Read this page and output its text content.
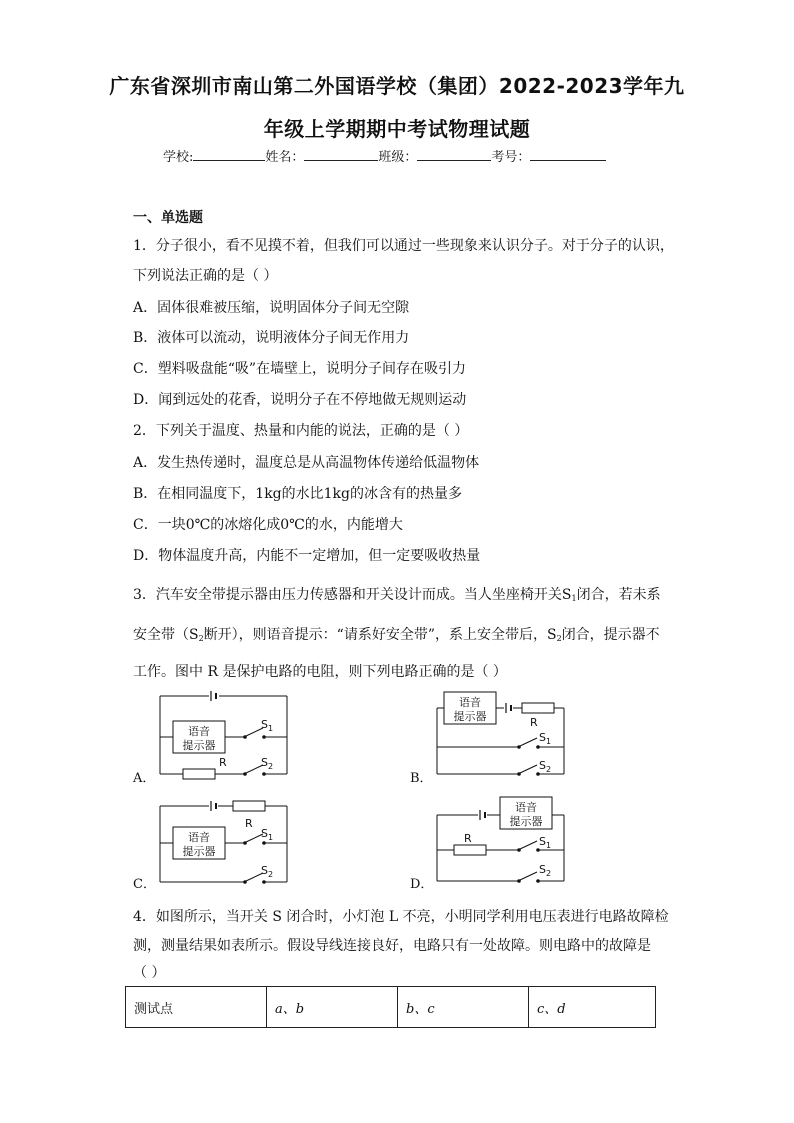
广东省深圳市南山第二外国语学校（集团）2022-2023学年九
年级上学期期中考试物理试题
学校:	姓名：	班级：	考号：
一、单选题
1．分子很小，看不见摸不着，但我们可以通过一些现象来认识分子。对于分子的认识，
下列说法正确的是（ ）
A．固体很难被压缩，说明固体分子间无空隙
B．液体可以流动，说明液体分子间无作用力
C．塑料吸盘能“吸”在墙壁上，说明分子间存在吸引力
D．闻到远处的花香，说明分子在不停地做无规则运动
2．下列关于温度、热量和内能的说法，正确的是（ ）
A．发生热传递时，温度总是从高温物体传递给低温物体
B．在相同温度下，1kg的水比1kg的冰含有的热量多
C．一块0℃的冰熔化成0℃的水，内能增大
D．物体温度升高，内能不一定增加，但一定要吸收热量
3．汽车安全带提示器由压力传感器和开关设计而成。当人坐座椅开关$S_1$闭合，若未系
安全带（$S_2$断开），则语音提示：“请系好安全带”，系上安全带后，$S_2$闭合，提示器不
工作。图中 R 是保护电路的电阻，则下列电路正确的是（ ）
A．
语音
提示器
S 1
R	S 2
B．
语音
提示器	R
S 1
S 2
C．
R
语音
提示器
S 1
S 2
D．
语音
提示器
R	S 1
S 2
4．如图所示，当开关 S 闭合时，小灯泡 L 不亮，小明同学利用电压表进行电路故障检
测，测量结果如表所示。假设导线连接良好，电路只有一处故障。则电路中的故障是
（ ）
测试点	a、b	b、c	c、d
